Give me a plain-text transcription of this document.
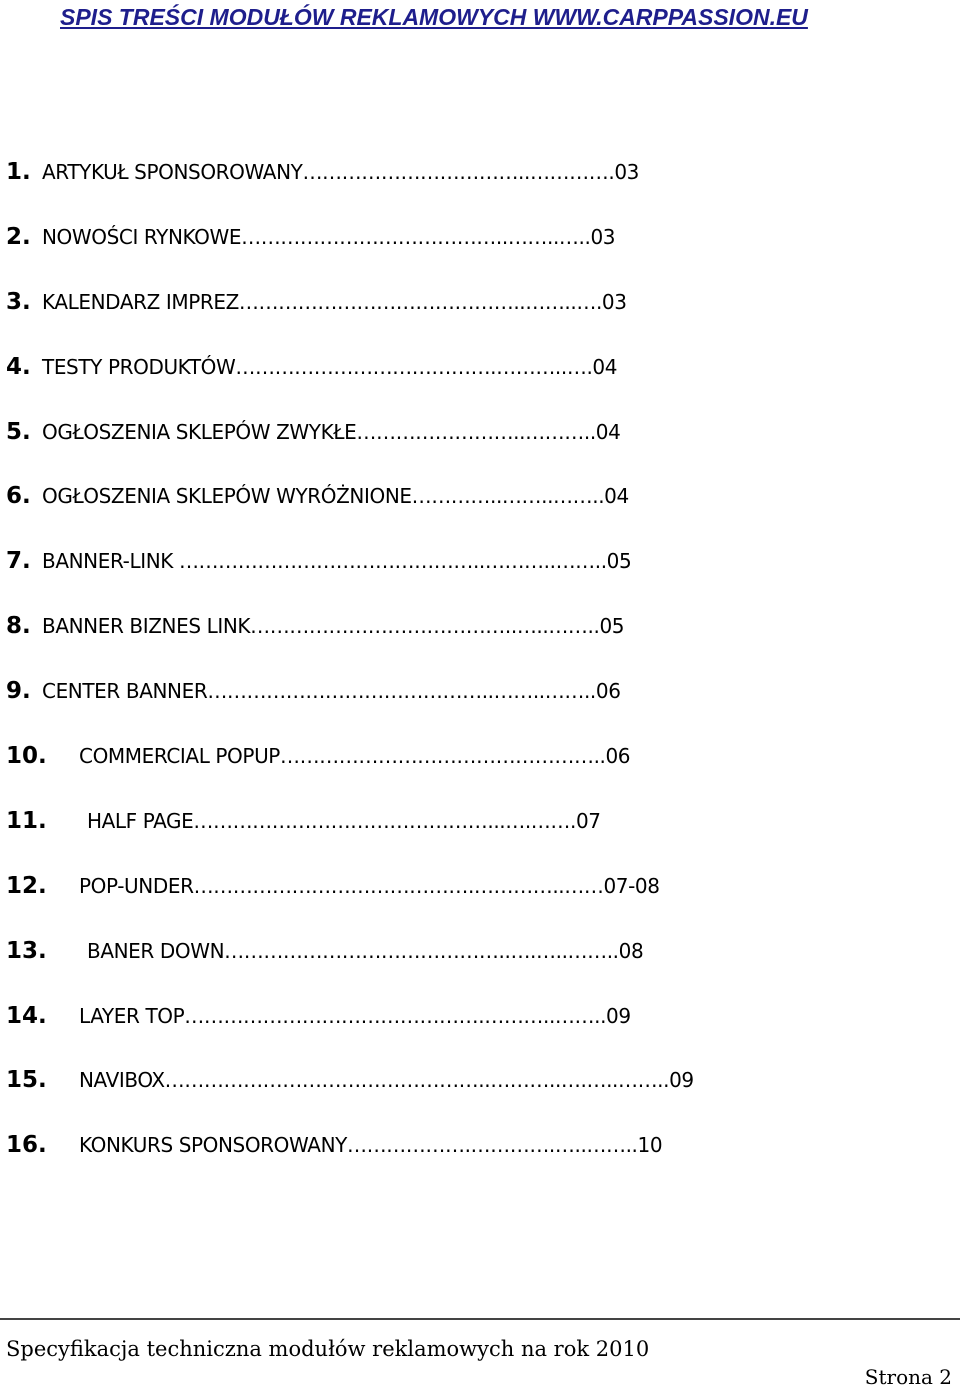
SPIS TREŚCI MODUŁÓW REKLAMOWYCH WWW.CARPPASSION.EU
1. ARTYKUŁ SPONSOROWANY……………………………..………….03
2. NOWOŚCI RYNKOWE…………………………………..……..…..03
3. KALENDARZ IMPREZ……………………………………..……..….03
4. TESTY PRODUKTÓW………………………………….………..….04
5. OGŁOSZENIA SKLEPÓW ZWYKŁE……………………..………..04
6. OGŁOSZENIA SKLEPÓW WYRÓŻNIONE…………..……..……..04
7. BANNER-LINK ………………………………………..………..……..05
8. BANNER BIZNES LINK…………………………………..…..……..05
9. CENTER BANNER……………………………………..……..……..06
10. COMMERCIAL POPUP…………………………………………..06
11. HALF PAGE………………………………………...….…….07
12. POP-UNDER…………………………………….…………..……07-08
13. BANER DOWN……………………………………..….…..……..08
14. LAYER TOP……………………………………….………..……..09
15. NAVIBOX…………………………………………..………..….…..……..09
16. KONKURS SPONSOROWANY……………….………….…..……..10
Specyfikacja techniczna modułów reklamowych na rok 2010
Strona 2
